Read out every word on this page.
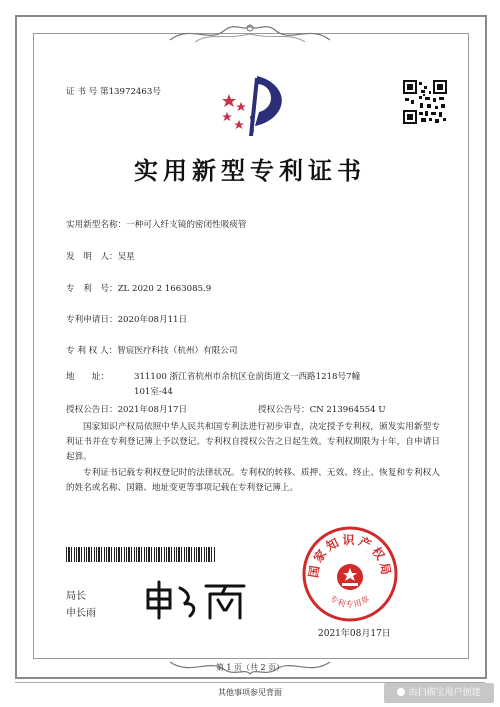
证 书 号 第13972463号
实用新型专利证书
实用新型名称：一种可入纤支镜的密闭性吸痰管
发　明　人：吴星
专　利　号：ZL 2020 2 1663085.9
专利申请日：2020年08月11日
专 利 权 人：智宸医疗科技（杭州）有限公司
地　　址：	311100 浙江省杭州市余杭区仓前街道文一西路1218号7幢
101室-44
授权公告日：2021年08月17日	授权公告号：CN 213964554 U
国家知识产权局依照中华人民共和国专利法进行初步审查，决定授予专利权，颁发实用新型专利证书并在专利登记簿上予以登记。专利权自授权公告之日起生效。专利权期限为十年，自申请日起算。
专利证书记载专利权登记时的法律状况。专利权的转移、质押、无效、终止、恢复和专利权人的姓名或名称、国籍、地址变更等事项记载在专利登记簿上。
局长
申长雨
国家知识产权局
专利专用章
2021年08月17日
第 1 页（共 2 页）
其他事项参见背面	由扫描宝用户创建
